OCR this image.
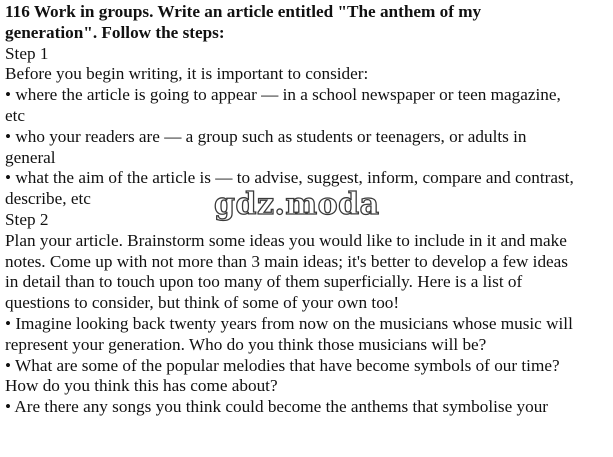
116 Work in groups. Write an article entitled "The anthem of my
generation". Follow the steps:
Step 1
Before you begin writing, it is important to consider:
• where the article is going to appear — in a school newspaper or teen magazine,
etc
• who your readers are — a group such as students or teenagers, or adults in
general
• what the aim of the article is — to advise, suggest, inform, compare and contrast,
describe, etc
Step 2
Plan your article. Brainstorm some ideas you would like to include in it and make
notes. Come up with not more than 3 main ideas; it's better to develop a few ideas
in detail than to touch upon too many of them superficially. Here is a list of
questions to consider, but think of some of your own too!
• Imagine looking back twenty years from now on the musicians whose music will
represent your generation. Who do you think those musicians will be?
• What are some of the popular melodies that have become symbols of our time?
How do you think this has come about?
• Are there any songs you think could become the anthems that symbolise your
gdz.moda
